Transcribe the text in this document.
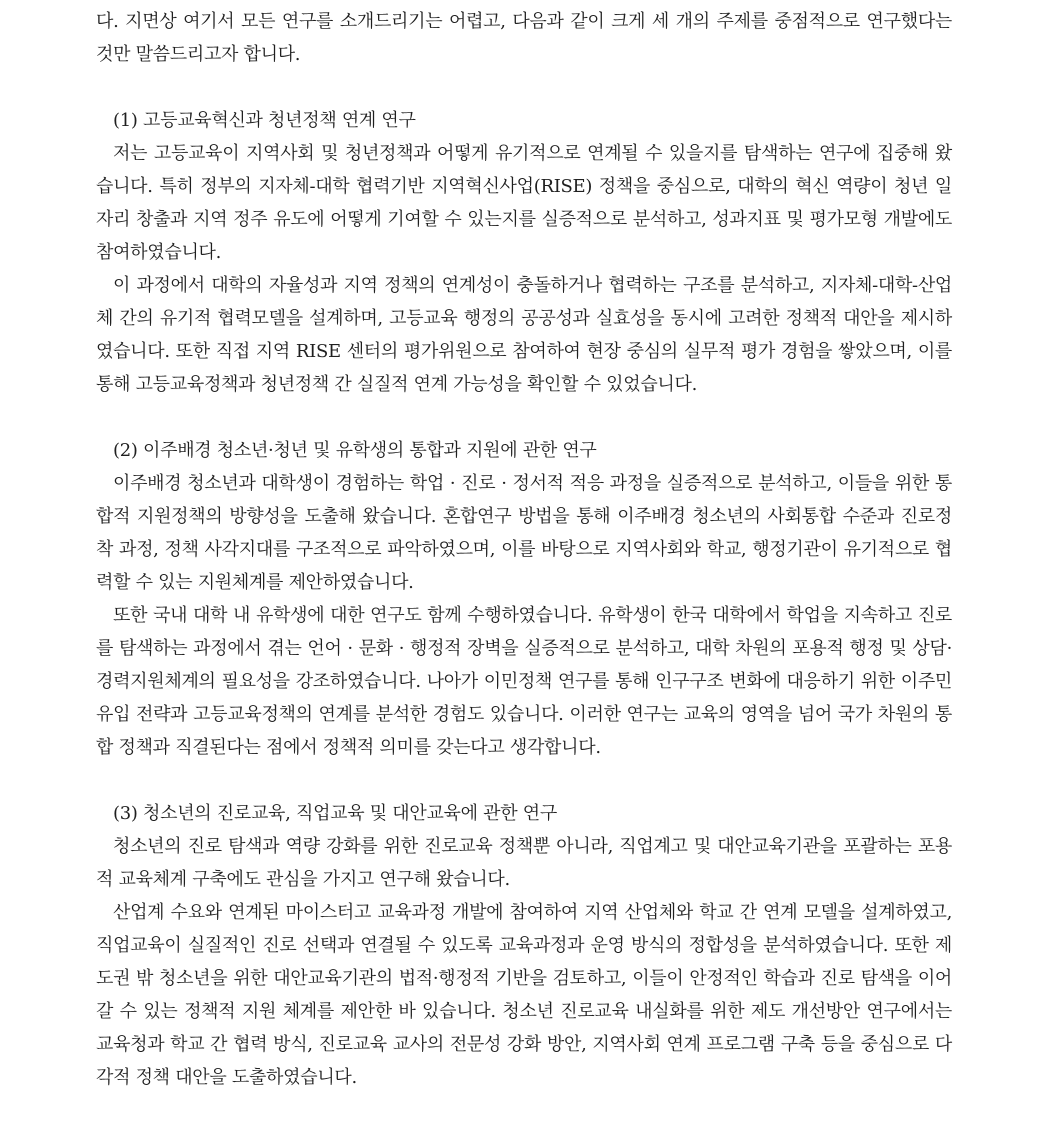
다. 지면상 여기서 모든 연구를 소개드리기는 어렵고, 다음과 같이 크게 세 개의 주제를 중점적으로 연구했다는 것만 말씀드리고자 합니다.

(1) 고등교육혁신과 청년정책 연계 연구

저는 고등교육이 지역사회 및 청년정책과 어떻게 유기적으로 연계될 수 있을지를 탐색하는 연구에 집중해 왔습니다. 특히 정부의 지자체-대학 협력기반 지역혁신사업(RISE) 정책을 중심으로, 대학의 혁신 역량이 청년 일자리 창출과 지역 정주 유도에 어떻게 기여할 수 있는지를 실증적으로 분석하고, 성과지표 및 평가모형 개발에도 참여하였습니다.

이 과정에서 대학의 자율성과 지역 정책의 연계성이 충돌하거나 협력하는 구조를 분석하고, 지자체-대학-산업체 간의 유기적 협력모델을 설계하며, 고등교육 행정의 공공성과 실효성을 동시에 고려한 정책적 대안을 제시하였습니다. 또한 직접 지역 RISE 센터의 평가위원으로 참여하여 현장 중심의 실무적 평가 경험을 쌓았으며, 이를 통해 고등교육정책과 청년정책 간 실질적 연계 가능성을 확인할 수 있었습니다.

(2) 이주배경 청소년·청년 및 유학생의 통합과 지원에 관한 연구

이주배경 청소년과 대학생이 경험하는 학업 · 진로 · 정서적 적응 과정을 실증적으로 분석하고, 이들을 위한 통합적 지원정책의 방향성을 도출해 왔습니다. 혼합연구 방법을 통해 이주배경 청소년의 사회통합 수준과 진로정착 과정, 정책 사각지대를 구조적으로 파악하였으며, 이를 바탕으로 지역사회와 학교, 행정기관이 유기적으로 협력할 수 있는 지원체계를 제안하였습니다.

또한 국내 대학 내 유학생에 대한 연구도 함께 수행하였습니다. 유학생이 한국 대학에서 학업을 지속하고 진로를 탐색하는 과정에서 겪는 언어 · 문화 · 행정적 장벽을 실증적으로 분석하고, 대학 차원의 포용적 행정 및 상담·경력지원체계의 필요성을 강조하였습니다. 나아가 이민정책 연구를 통해 인구구조 변화에 대응하기 위한 이주민 유입 전략과 고등교육정책의 연계를 분석한 경험도 있습니다. 이러한 연구는 교육의 영역을 넘어 국가 차원의 통합 정책과 직결된다는 점에서 정책적 의미를 갖는다고 생각합니다.

(3) 청소년의 진로교육, 직업교육 및 대안교육에 관한 연구

청소년의 진로 탐색과 역량 강화를 위한 진로교육 정책뿐 아니라, 직업계고 및 대안교육기관을 포괄하는 포용적 교육체계 구축에도 관심을 가지고 연구해 왔습니다.

산업계 수요와 연계된 마이스터고 교육과정 개발에 참여하여 지역 산업체와 학교 간 연계 모델을 설계하였고, 직업교육이 실질적인 진로 선택과 연결될 수 있도록 교육과정과 운영 방식의 정합성을 분석하였습니다. 또한 제도권 밖 청소년을 위한 대안교육기관의 법적·행정적 기반을 검토하고, 이들이 안정적인 학습과 진로 탐색을 이어갈 수 있는 정책적 지원 체계를 제안한 바 있습니다. 청소년 진로교육 내실화를 위한 제도 개선방안 연구에서는 교육청과 학교 간 협력 방식, 진로교육 교사의 전문성 강화 방안, 지역사회 연계 프로그램 구축 등을 중심으로 다각적 정책 대안을 도출하였습니다.
